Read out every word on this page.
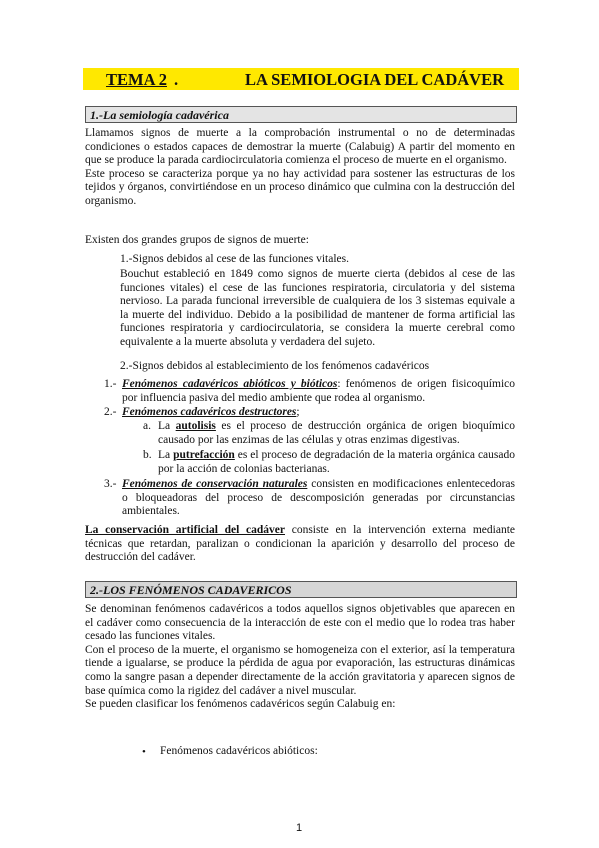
TEMA 2 .	LA SEMIOLOGIA DEL CADÁVER
1.-La semiología cadavérica

Llamamos signos de muerte a la comprobación instrumental o no de determinadas condiciones o estados capaces de demostrar la muerte (Calabuig) A partir del momento en que se produce la parada cardiocirculatoria comienza el proceso de muerte en el organismo.

Este proceso se caracteriza porque ya no hay actividad para sostener las estructuras de los tejidos y órganos, convirtiéndose en un proceso dinámico que culmina con la destrucción del organismo.

Existen dos grandes grupos de signos de muerte:
1.-Signos debidos al cese de las funciones vitales.
Bouchut estableció en 1849 como signos de muerte cierta (debidos al cese de las funciones vitales) el cese de las funciones respiratoria, circulatoria y del sistema nervioso. La parada funcional irreversible de cualquiera de los 3 sistemas equivale a la muerte del individuo. Debido a la posibilidad de mantener de forma artificial las funciones respiratoria y cardiocirculatoria, se considera la muerte cerebral como equivalente a la muerte absoluta y verdadera del sujeto.
2.-Signos debidos al establecimiento de los fenómenos cadavéricos
1.- Fenómenos cadavéricos abióticos y bióticos: fenómenos de origen fisicoquímico por influencia pasiva del medio ambiente que rodea al organismo.
2.- Fenómenos cadavéricos destructores;
a. La autolisis es el proceso de destrucción orgánica de origen bioquímico causado por las enzimas de las células y otras enzimas digestivas.
b. La putrefacción es el proceso de degradación de la materia orgánica causado por la acción de colonias bacterianas.
3.- Fenómenos de conservación naturales consisten en modificaciones enlentecedoras o bloqueadoras del proceso de descomposición generadas por circunstancias ambientales.
La conservación artificial del cadáver consiste en la intervención externa mediante técnicas que retardan, paralizan o condicionan la aparición y desarrollo del proceso de destrucción del cadáver.
2.-LOS FENÓMENOS CADAVERICOS

Se denominan fenómenos cadavéricos a todos aquellos signos objetivables que aparecen en el cadáver como consecuencia de la interacción de este con el medio que lo rodea tras haber cesado las funciones vitales.

Con el proceso de la muerte, el organismo se homogeneiza con el exterior, así la temperatura tiende a igualarse, se produce la pérdida de agua por evaporación, las estructuras dinámicas como la sangre pasan a depender directamente de la acción gravitatoria y aparecen signos de base química como la rigidez del cadáver a nivel muscular.

Se pueden clasificar los fenómenos cadavéricos según Calabuig en:

• Fenómenos cadavéricos abióticos:
1
